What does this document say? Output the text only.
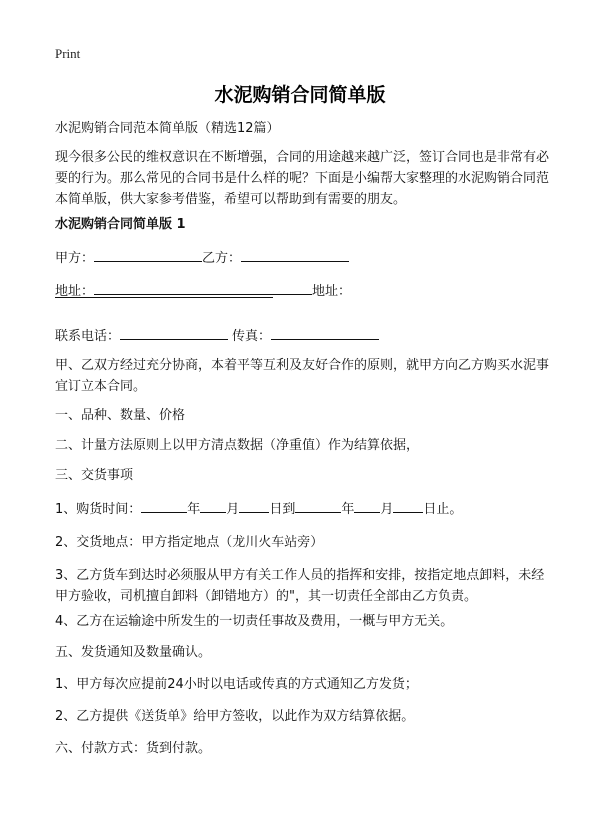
Print
水泥购销合同简单版
水泥购销合同范本简单版（精选12篇）
现今很多公民的维权意识在不断增强，合同的用途越来越广泛，签订合同也是非常有必要的行为。那么常见的合同书是什么样的呢？下面是小编帮大家整理的水泥购销合同范本简单版，供大家参考借鉴，希望可以帮助到有需要的朋友。
水泥购销合同简单版 1
甲方：	乙方：
地址：	地址：
联系电话：	传真：
甲、乙双方经过充分协商，本着平等互利及友好合作的原则，就甲方向乙方购买水泥事宜订立本合同。
一、品种、数量、价格
二、计量方法原则上以甲方清点数据（净重值）作为结算依据，
三、交货事项
1、购货时间：	年 月 日到	年 月 日止。
2、交货地点：甲方指定地点（龙川火车站旁）
3、乙方货车到达时必须服从甲方有关工作人员的指挥和安排，按指定地点卸料，未经甲方验收，司机擅自卸料（卸错地方）的"，其一切责任全部由乙方负责。
4、乙方在运输途中所发生的一切责任事故及费用，一概与甲方无关。
五、发货通知及数量确认。
1、甲方每次应提前24小时以电话或传真的方式通知乙方发货；
2、乙方提供《送货单》给甲方签收，以此作为双方结算依据。
六、付款方式：货到付款。
